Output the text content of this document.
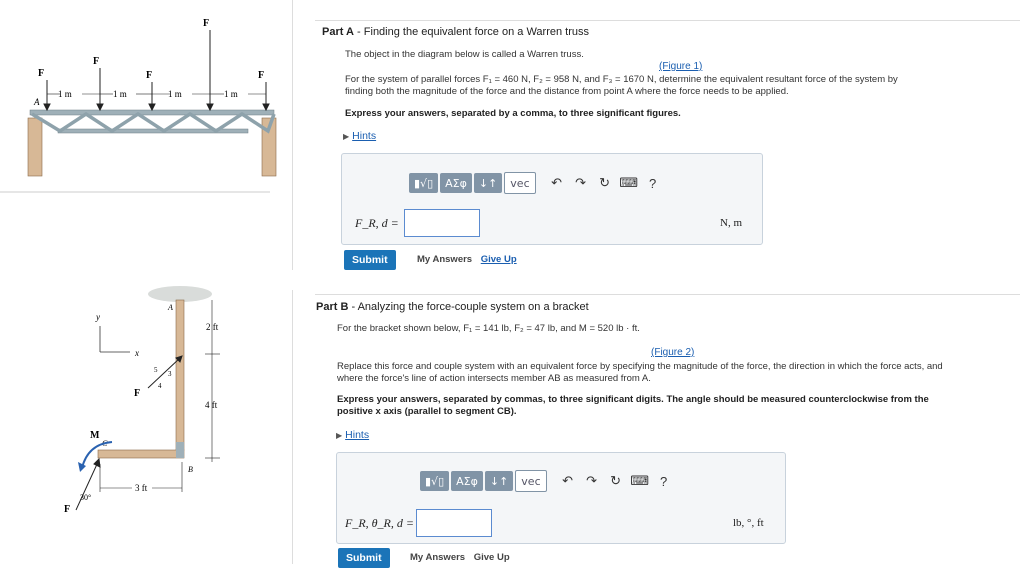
1 m	1 m	1 m	1 m
F
F
F
F
F
A
y
x
F
5 3
4
2 ft
4 ft
3 ft
A
C
B
M
F
30°
Part A - Finding the equivalent force on a Warren truss
The object in the diagram below is called a Warren truss.
(Figure 1)
For the system of parallel forces F₁ = 460 N, F₂ = 958 N, and F₃ = 1670 N, determine the equivalent resultant force of the system by
finding both the magnitude of the force and the distance from point A where the force needs to be applied.
Express your answers, separated by a comma, to three significant figures.
▶ Hints
▮√▯	ΑΣφ	↓↑	vec	↶	↷	↻ ⌨ ?
F_R, d =	N, m
Submit	My Answers Give Up
Part B - Analyzing the force-couple system on a bracket
For the bracket shown below, F₁ = 141 lb, F₂ = 47 lb, and M = 520 lb · ft.
(Figure 2)
Replace this force and couple system with an equivalent force by specifying the magnitude of the force, the direction in which the force acts, and
where the force's line of action intersects member AB as measured from A.
Express your answers, separated by commas, to three significant digits. The angle should be measured counterclockwise from the
positive x axis (parallel to segment CB).
▶ Hints
▮√▯	ΑΣφ	↓↑	vec	↶	↷	↻ ⌨ ?
F_R, θ_R, d =	lb, °, ft
Submit	My Answers Give Up
